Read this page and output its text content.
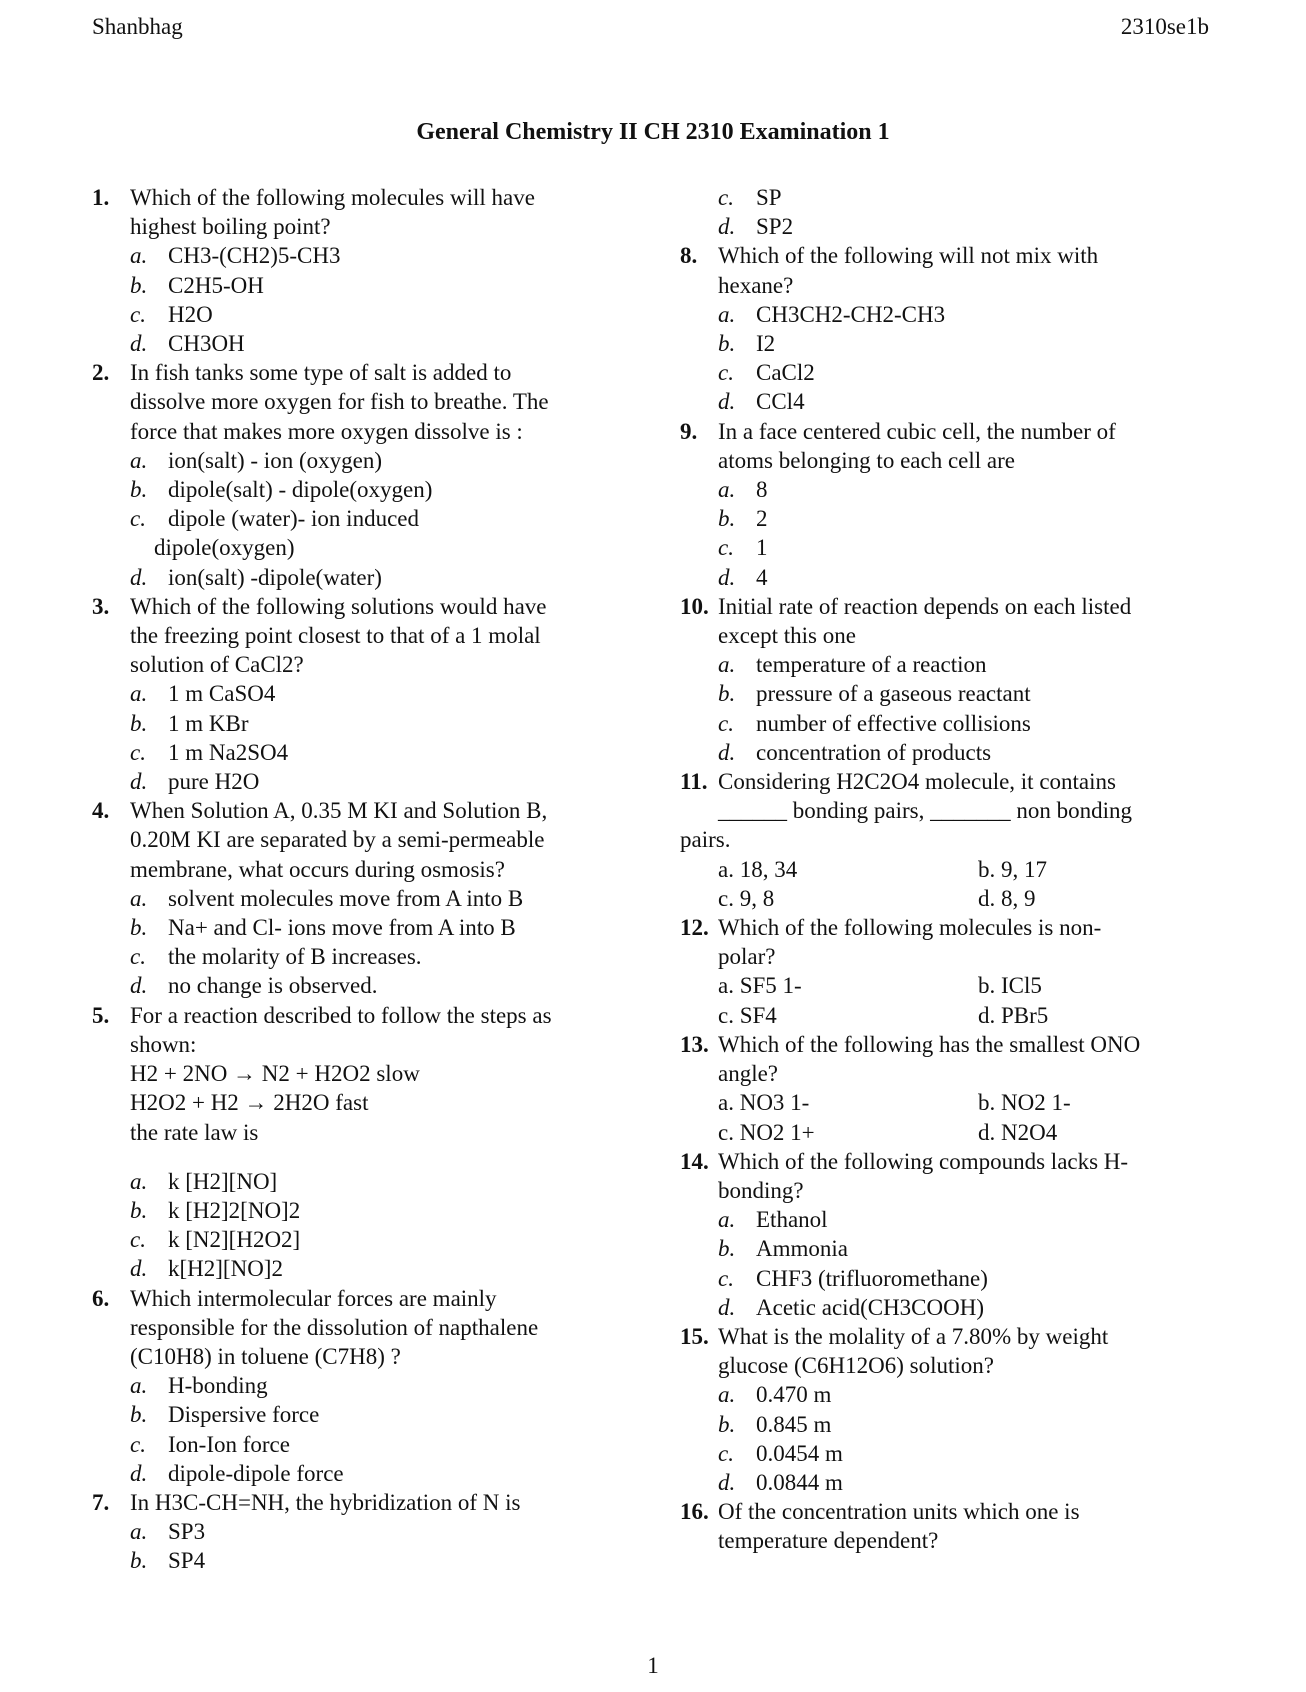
Shanbhag	2310se1b
General Chemistry II CH 2310 Examination 1
1. Which of the following molecules will have
highest boiling point?
a. CH3-(CH2)5-CH3
b. C2H5-OH
c. H2O
d. CH3OH
2. In fish tanks some type of salt is added to
dissolve more oxygen for fish to breathe. The
force that makes more oxygen dissolve is :
a. ion(salt) - ion (oxygen)
b. dipole(salt) - dipole(oxygen)
c. dipole (water)- ion induced
dipole(oxygen)
d. ion(salt) -dipole(water)
3. Which of the following solutions would have
the freezing point closest to that of a 1 molal
solution of CaCl2?
a. 1 m CaSO4
b. 1 m KBr
c. 1 m Na2SO4
d. pure H2O
4. When Solution A, 0.35 M KI and Solution B,
0.20M KI are separated by a semi-permeable
membrane, what occurs during osmosis?
a. solvent molecules move from A into B
b. Na+ and Cl- ions move from A into B
c. the molarity of B increases.
d. no change is observed.
5. For a reaction described to follow the steps as
shown:
H2 + 2NO → N2 + H2O2 slow
H2O2 + H2 → 2H2O fast
the rate law is
a. k [H2][NO]
b. k [H2]2[NO]2
c. k [N2][H2O2]
d. k[H2][NO]2
6. Which intermolecular forces are mainly
responsible for the dissolution of napthalene
(C10H8) in toluene (C7H8) ?
a. H-bonding
b. Dispersive force
c. Ion-Ion force
d. dipole-dipole force
7. In H3C-CH=NH, the hybridization of N is
a. SP3
b. SP4
c. SP
d. SP2
8. Which of the following will not mix with
hexane?
a. CH3CH2-CH2-CH3
b. I2
c. CaCl2
d. CCl4
9. In a face centered cubic cell, the number of
atoms belonging to each cell are
a. 8
b. 2
c. 1
d. 4
10. Initial rate of reaction depends on each listed
except this one
a. temperature of a reaction
b. pressure of a gaseous reactant
c. number of effective collisions
d. concentration of products
11. Considering H2C2O4 molecule, it contains
______ bonding pairs, _______ non bonding
pairs.
a. 18, 34	b. 9, 17
c. 9, 8	d. 8, 9
12. Which of the following molecules is non-
polar?
a. SF5 1-	b. ICl5
c. SF4	d. PBr5
13. Which of the following has the smallest ONO
angle?
a. NO3 1-	b. NO2 1-
c. NO2 1+	d. N2O4
14. Which of the following compounds lacks H-
bonding?
a. Ethanol
b. Ammonia
c. CHF3 (trifluoromethane)
d. Acetic acid(CH3COOH)
15. What is the molality of a 7.80% by weight
glucose (C6H12O6) solution?
a. 0.470 m
b. 0.845 m
c. 0.0454 m
d. 0.0844 m
16. Of the concentration units which one is
temperature dependent?
1
